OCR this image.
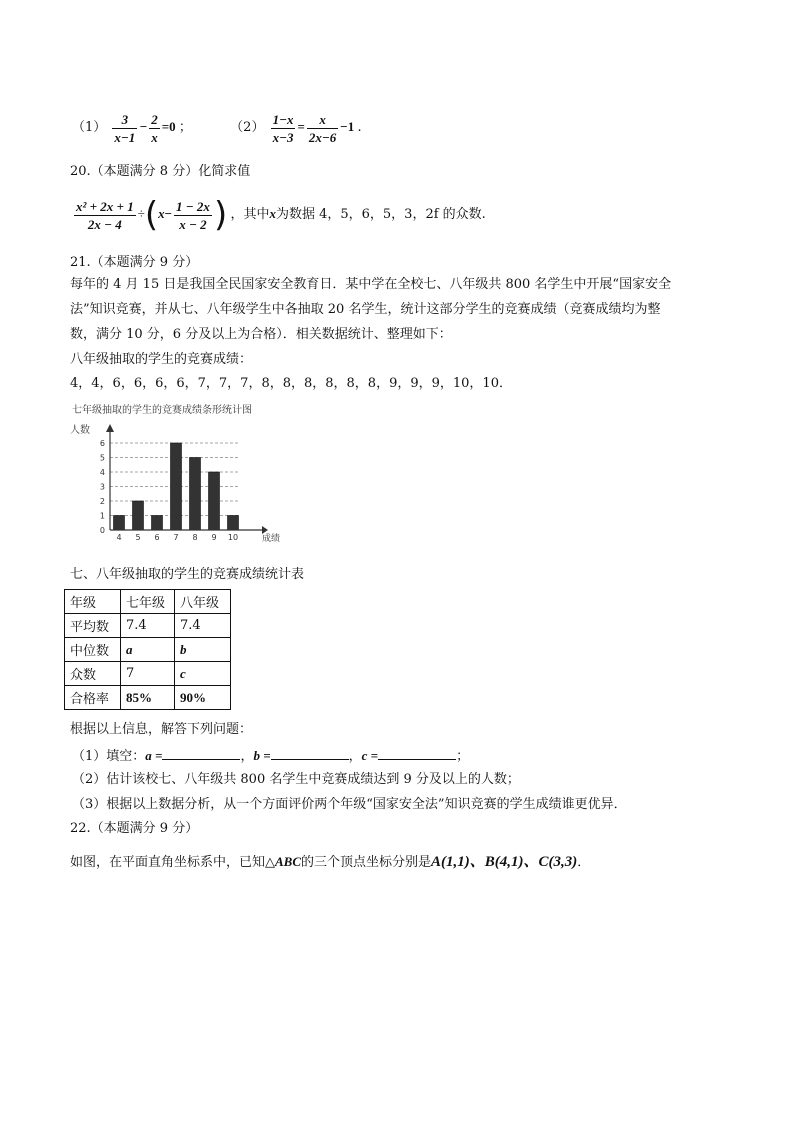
$(1) \frac{3}{x-1} - \frac{2}{x} =0$ ；	$(2) \frac{1-x}{x-3} = \frac{x}{2x-6} -1$ .
20.（本题满分 8 分）化简求值
$\frac{\text{x² + 2x + 1}}{2x - 4} \div(x- \frac{1 - 2x}{x - 2}$ ) ，其中x为数据 4，5，6，5，3，2f 的众数.
21.（本题满分 9 分）
每年的 4 月 15 日是我国全民国家安全教育日．某中学在全校七、八年级共 800 名学生中开展“国家安全
法”知识竞赛，并从七、八年级学生中各抽取 20 名学生，统计这部分学生的竞赛成绩（竞赛成绩均为整
数，满分 10 分，6 分及以上为合格）．相关数据统计、整理如下：
八年级抽取的学生的竞赛成绩：
4，4，6，6，6，6，7，7，7，8，8，8，8，8，8，9，9，9，10，10．
七年级抽取的学生的竞赛成绩条形统计图
人数
成绩
0
1
2
3
4
5
6
4 5 6 7 8 9 10
七、八年级抽取的学生的竞赛成绩统计表
年级	七年级	八年级
平均数	7.4	7.4
中位数	a	b
众数	7	c
合格率	85%	90%
根据以上信息，解答下列问题：
（1）填空：a =	，b =	，c =	；
（2）估计该校七、八年级共 800 名学生中竞赛成绩达到 9 分及以上的人数；
（3）根据以上数据分析，从一个方面评价两个年级“国家安全法”知识竞赛的学生成绩谁更优异．
22.（本题满分 9 分）
如图，在平面直角坐标系中，已知△ABC的三个顶点坐标分别是A(1,1)、B(4,1)、C(3,3)．
